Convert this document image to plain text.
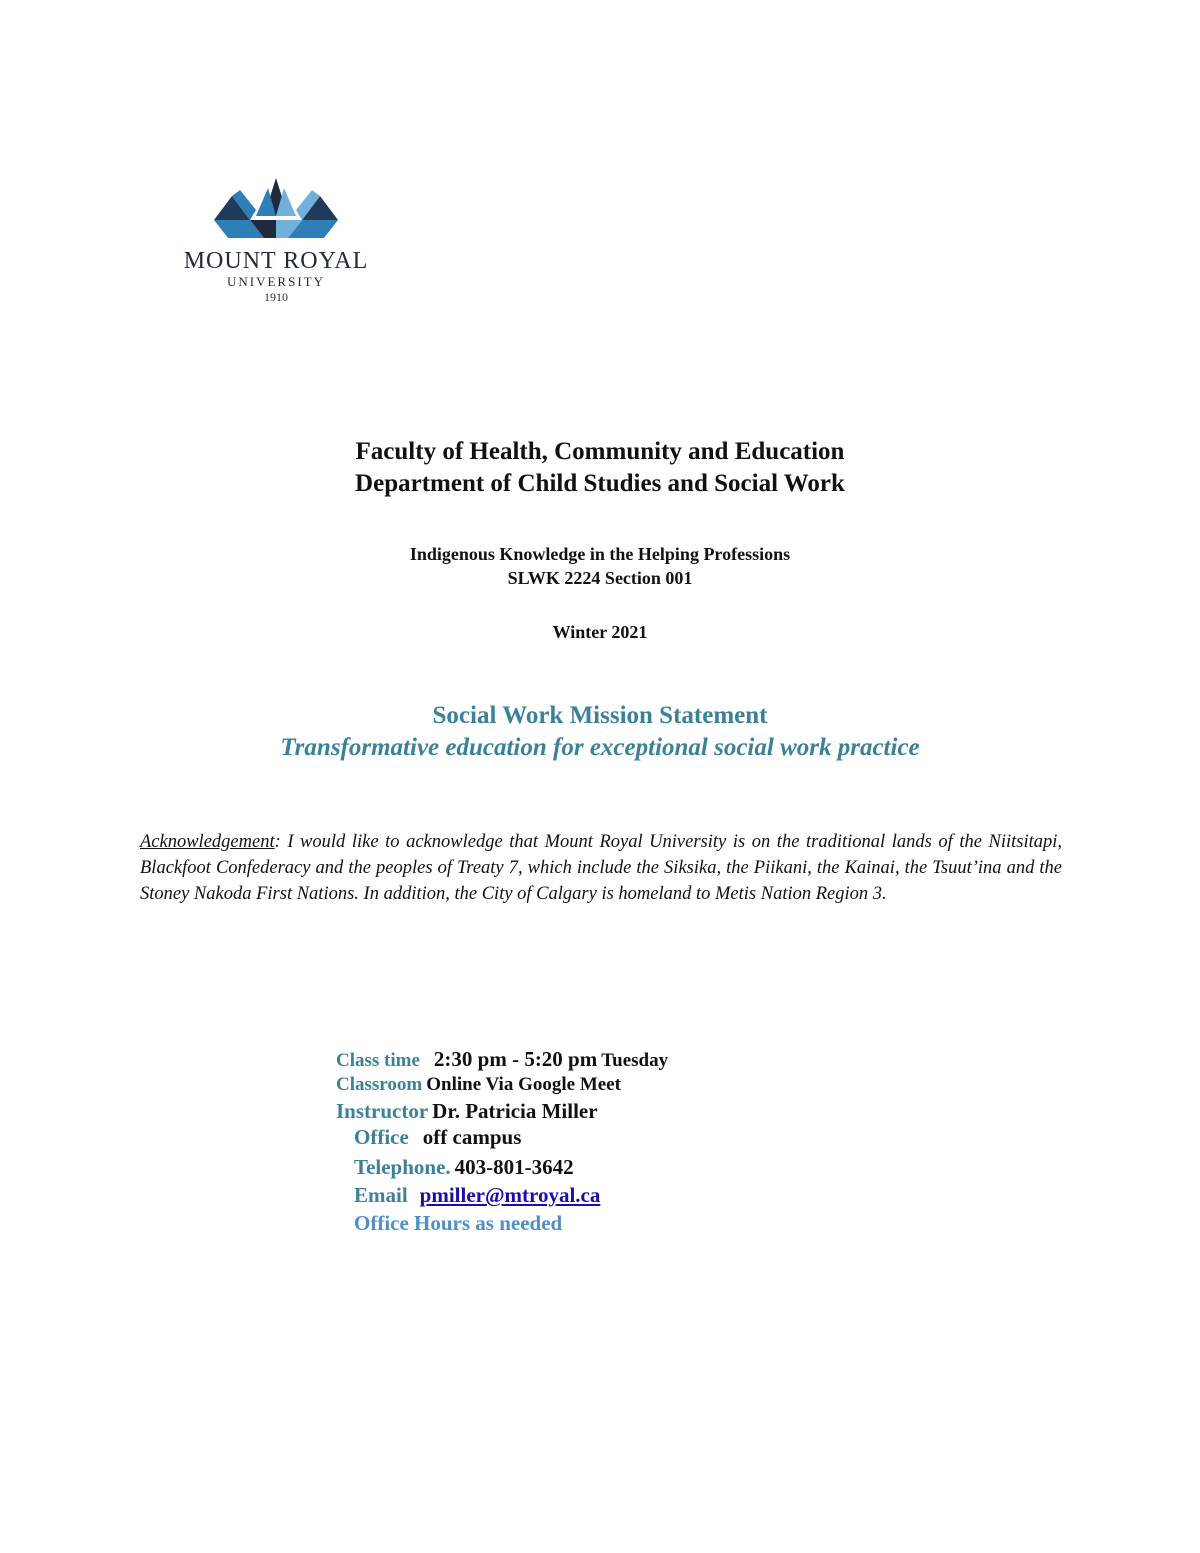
MOUNT ROYAL
UNIVERSITY
1910
Faculty of Health, Community and Education
Department of Child Studies and Social Work
Indigenous Knowledge in the Helping Professions
SLWK 2224 Section 001
Winter 2021
Social Work Mission Statement
Transformative education for exceptional social work practice
Acknowledgement: I would like to acknowledge that Mount Royal University is on the traditional lands of the Niitsitapi, Blackfoot Confederacy and the peoples of Treaty 7, which include the Siksika, the Piikani, the Kainai, the Tsuut’ina and the Stoney Nakoda First Nations. In addition, the City of Calgary is homeland to Metis Nation Region 3.
Class time 2:30 pm - 5:20 pm Tuesday
Classroom Online Via Google Meet
Instructor Dr. Patricia Miller
Office off campus
Telephone. 403-801-3642
Email pmiller@mtroyal.ca
Office Hours as needed
